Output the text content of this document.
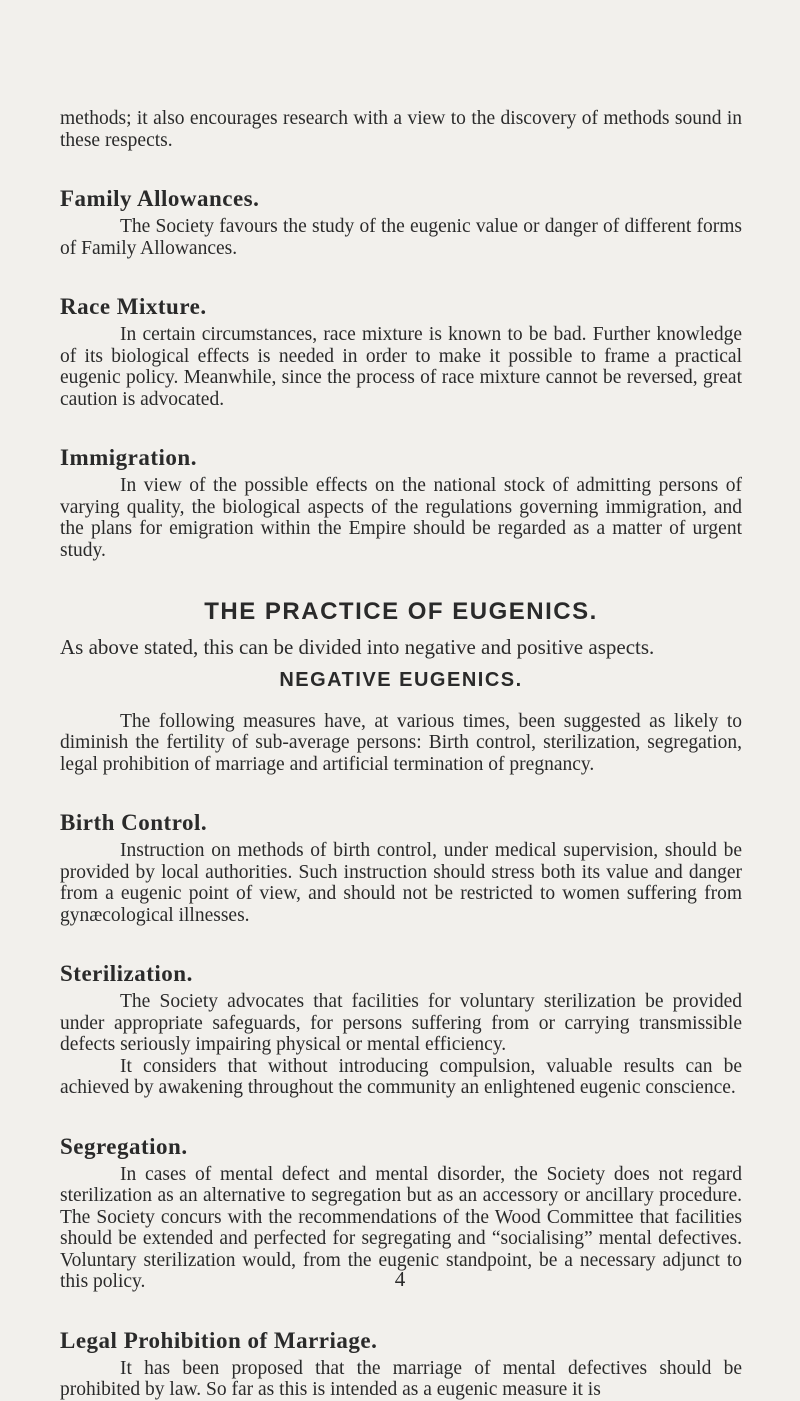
methods; it also encourages research with a view to the discovery of methods sound in these respects.

Family Allowances.

The Society favours the study of the eugenic value or danger of different forms of Family Allowances.

Race Mixture.

In certain circumstances, race mixture is known to be bad. Further knowledge of its biological effects is needed in order to make it possible to frame a practical eugenic policy. Meanwhile, since the process of race mixture cannot be reversed, great caution is advocated.

Immigration.

In view of the possible effects on the national stock of admitting persons of varying quality, the biological aspects of the regulations governing immigration, and the plans for emigration within the Empire should be regarded as a matter of urgent study.

THE PRACTICE OF EUGENICS.

As above stated, this can be divided into negative and positive aspects.

NEGATIVE EUGENICS.

The following measures have, at various times, been suggested as likely to diminish the fertility of sub-average persons: Birth control, sterilization, segregation, legal prohibition of marriage and artificial termination of pregnancy.

Birth Control.

Instruction on methods of birth control, under medical supervision, should be provided by local authorities. Such instruction should stress both its value and danger from a eugenic point of view, and should not be restricted to women suffering from gynæcological illnesses.

Sterilization.

The Society advocates that facilities for voluntary sterilization be provided under appropriate safeguards, for persons suffering from or carrying transmissible defects seriously impairing physical or mental efficiency.

It considers that without introducing compulsion, valuable results can be achieved by awakening throughout the community an enlightened eugenic conscience.

Segregation.

In cases of mental defect and mental disorder, the Society does not regard sterilization as an alternative to segregation but as an accessory or ancillary procedure. The Society concurs with the recommendations of the Wood Committee that facilities should be extended and perfected for segregating and “socialising” mental defectives. Voluntary sterilization would, from the eugenic standpoint, be a necessary adjunct to this policy.

Legal Prohibition of Marriage.

It has been proposed that the marriage of mental defectives should be prohibited by law. So far as this is intended as a eugenic measure it is

4
